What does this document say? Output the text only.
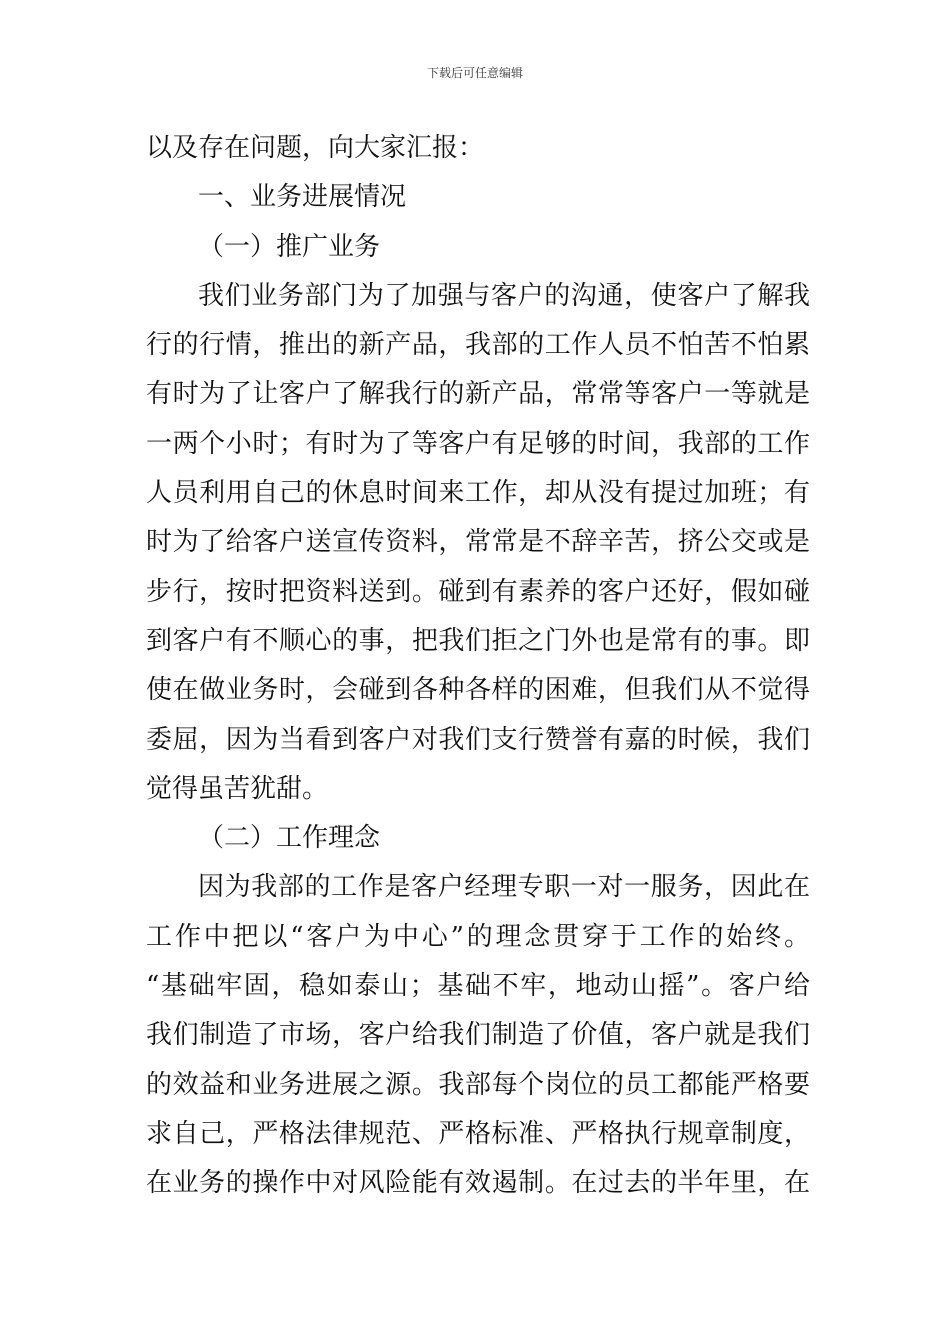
下载后可任意编辑
以及存在问题，向大家汇报：
一、业务进展情况
（一）推广业务
我们业务部门为了加强与客户的沟通，使客户了解我
行的行情，推出的新产品，我部的工作人员不怕苦不怕累
有时为了让客户了解我行的新产品，常常等客户一等就是
一两个小时；有时为了等客户有足够的时间，我部的工作
人员利用自己的休息时间来工作，却从没有提过加班；有
时为了给客户送宣传资料，常常是不辞辛苦，挤公交或是
步行，按时把资料送到。碰到有素养的客户还好，假如碰
到客户有不顺心的事，把我们拒之门外也是常有的事。即
使在做业务时，会碰到各种各样的困难，但我们从不觉得
委屈，因为当看到客户对我们支行赞誉有嘉的时候，我们
觉得虽苦犹甜。
（二）工作理念
因为我部的工作是客户经理专职一对一服务，因此在
工作中把以“客户为中心”的理念贯穿于工作的始终。
“基础牢固，稳如泰山；基础不牢，地动山摇”。客户给
我们制造了市场，客户给我们制造了价值，客户就是我们
的效益和业务进展之源。我部每个岗位的员工都能严格要
求自己，严格法律规范、严格标准、严格执行规章制度，
在业务的操作中对风险能有效遏制。在过去的半年里，在
